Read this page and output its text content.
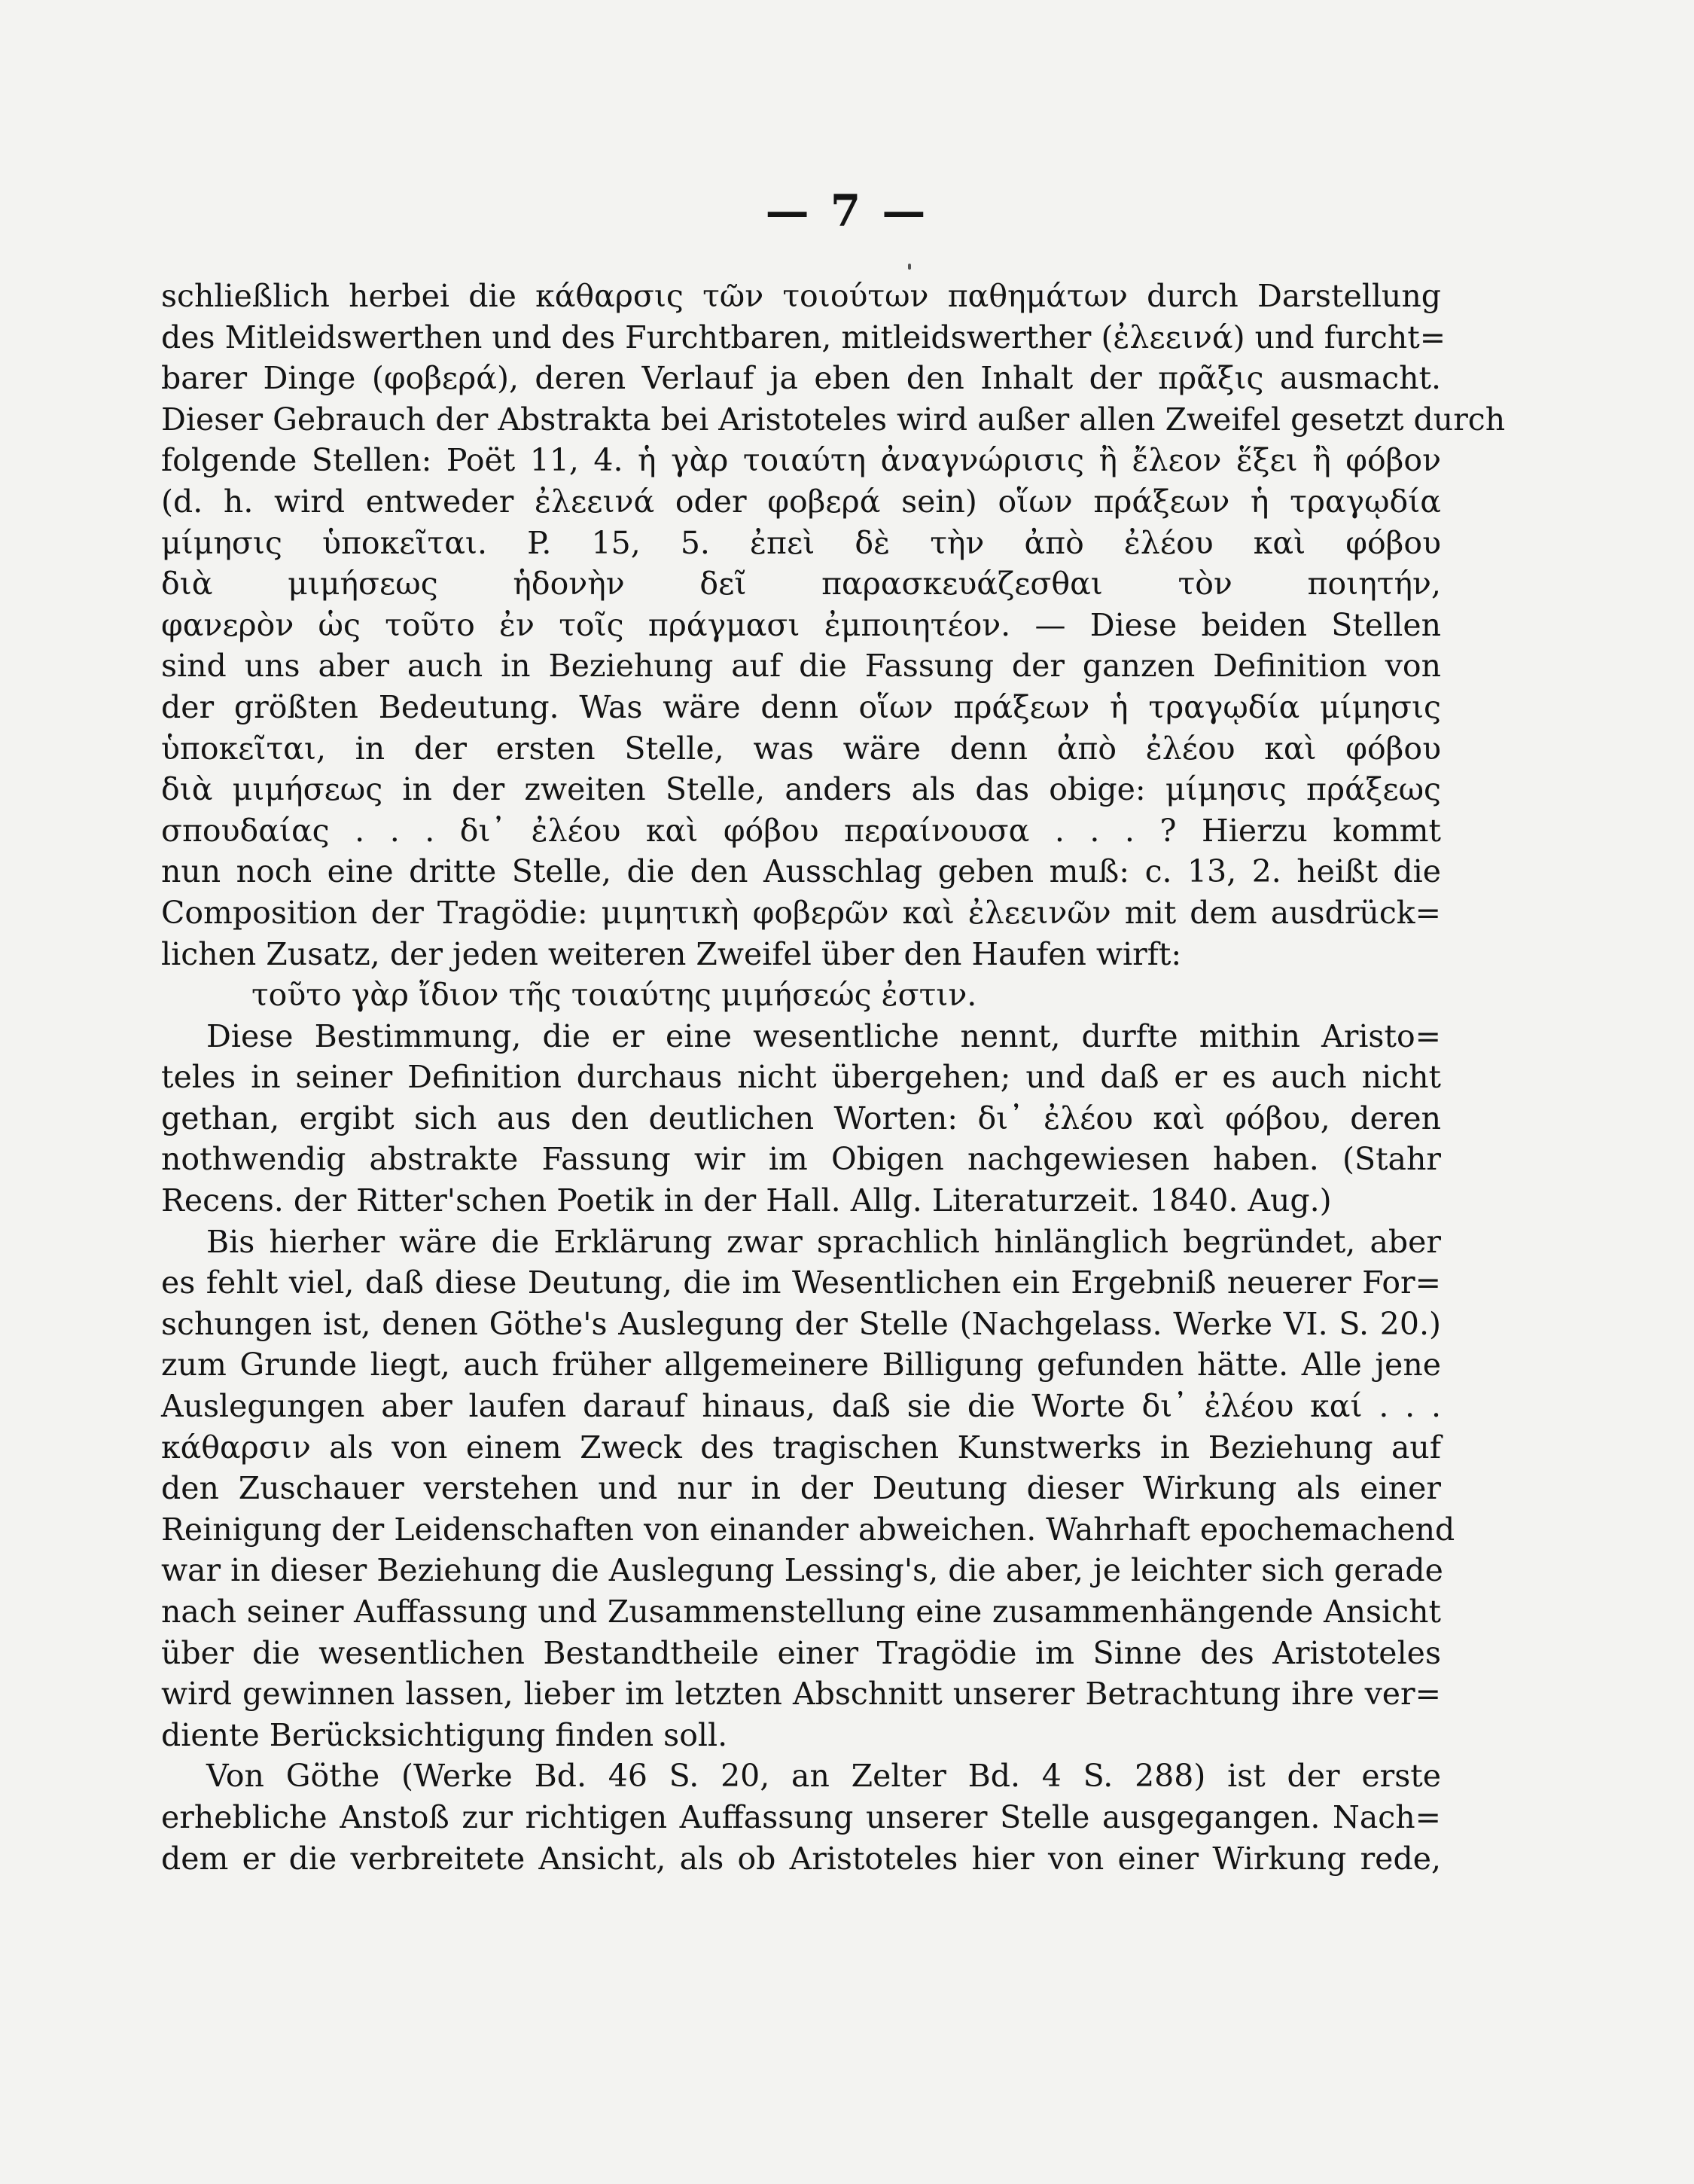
— 7 —
schließlich herbei die κάθαρσις τῶν τοιούτων παθημάτων durch Darstellung
des Mitleidswerthen und des Furchtbaren, mitleidswerther (ἐλεεινά) und furcht=
barer Dinge (φοβερά), deren Verlauf ja eben den Inhalt der πρᾶξις ausmacht.
Dieser Gebrauch der Abstrakta bei Aristoteles wird außer allen Zweifel gesetzt durch
folgende Stellen: Poët 11, 4. ἡ γὰρ τοιαύτη ἀναγνώρισις ἢ ἔλεον ἕξει ἢ φόβον
(d. h. wird entweder ἐλεεινά oder φοβερά sein) οἵων πράξεων ἡ τραγῳδία
μίμησις ὑποκεῖται. P. 15, 5. ἐπεὶ δὲ τὴν ἀπὸ ἐλέου καὶ φόβου
διὰ μιμήσεως ἡδονὴν δεῖ παρασκευάζεσθαι τὸν ποιητήν,
φανερὸν ὡς τοῦτο ἐν τοῖς πράγμασι ἐμποιητέον. — Diese beiden Stellen
sind uns aber auch in Beziehung auf die Fassung der ganzen Definition von
der größten Bedeutung. Was wäre denn οἵων πράξεων ἡ τραγῳδία μίμησις
ὑποκεῖται, in der ersten Stelle, was wäre denn ἀπὸ ἐλέου καὶ φόβου
διὰ μιμήσεως in der zweiten Stelle, anders als das obige: μίμησις πράξεως
σπουδαίας . . . δι᾽ ἐλέου καὶ φόβου περαίνουσα . . . ? Hierzu kommt
nun noch eine dritte Stelle, die den Ausschlag geben muß: c. 13, 2. heißt die
Composition der Tragödie: μιμητικὴ φοβερῶν καὶ ἐλεεινῶν mit dem ausdrück=
lichen Zusatz, der jeden weiteren Zweifel über den Haufen wirft:
τοῦτο γὰρ ἴδιον τῆς τοιαύτης μιμήσεώς ἐστιν.
Diese Bestimmung, die er eine wesentliche nennt, durfte mithin Aristo=
teles in seiner Definition durchaus nicht übergehen; und daß er es auch nicht
gethan, ergibt sich aus den deutlichen Worten: δι᾽ ἐλέου καὶ φόβου, deren
nothwendig abstrakte Fassung wir im Obigen nachgewiesen haben. (Stahr
Recens. der Ritter'schen Poetik in der Hall. Allg. Literaturzeit. 1840. Aug.)
Bis hierher wäre die Erklärung zwar sprachlich hinlänglich begründet, aber
es fehlt viel, daß diese Deutung, die im Wesentlichen ein Ergebniß neuerer For=
schungen ist, denen Göthe's Auslegung der Stelle (Nachgelass. Werke VI. S. 20.)
zum Grunde liegt, auch früher allgemeinere Billigung gefunden hätte. Alle jene
Auslegungen aber laufen darauf hinaus, daß sie die Worte δι᾽ ἐλέου καί . . .
κάθαρσιν als von einem Zweck des tragischen Kunstwerks in Beziehung auf
den Zuschauer verstehen und nur in der Deutung dieser Wirkung als einer
Reinigung der Leidenschaften von einander abweichen. Wahrhaft epochemachend
war in dieser Beziehung die Auslegung Lessing's, die aber, je leichter sich gerade
nach seiner Auffassung und Zusammenstellung eine zusammenhängende Ansicht
über die wesentlichen Bestandtheile einer Tragödie im Sinne des Aristoteles
wird gewinnen lassen, lieber im letzten Abschnitt unserer Betrachtung ihre ver=
diente Berücksichtigung finden soll.
Von Göthe (Werke Bd. 46 S. 20, an Zelter Bd. 4 S. 288) ist der erste
erhebliche Anstoß zur richtigen Auffassung unserer Stelle ausgegangen. Nach=
dem er die verbreitete Ansicht, als ob Aristoteles hier von einer Wirkung rede,
